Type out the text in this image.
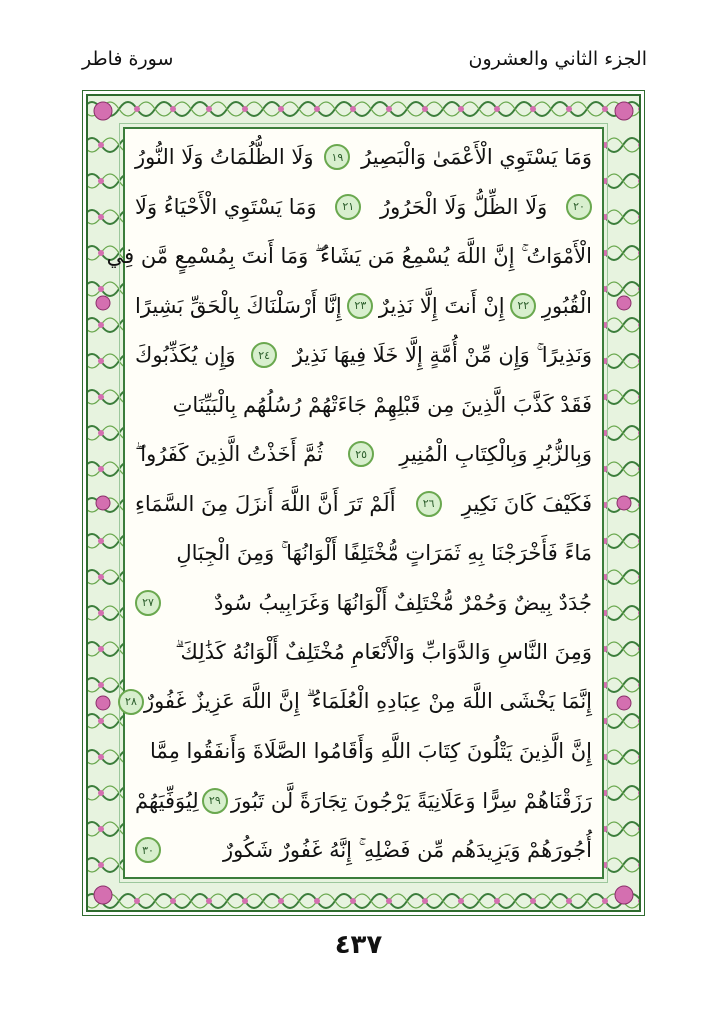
الجزء الثاني والعشرون
سورة فاطر
وَمَا يَسْتَوِي الْأَعْمَىٰ وَالْبَصِيرُ
١٩
وَلَا الظُّلُمَاتُ وَلَا النُّورُ
٢٠
وَلَا الظِّلُّ وَلَا الْحَرُورُ
٢١
وَمَا يَسْتَوِي الْأَحْيَاءُ وَلَا
الْأَمْوَاتُ ۚ إِنَّ اللَّهَ يُسْمِعُ مَن يَشَاءُ ۖ وَمَا أَنتَ بِمُسْمِعٍ مَّن فِي
الْقُبُورِ
٢٢
إِنْ أَنتَ إِلَّا نَذِيرٌ
٢٣
إِنَّا أَرْسَلْنَاكَ بِالْحَقِّ بَشِيرًا
وَنَذِيرًا ۚ وَإِن مِّنْ أُمَّةٍ إِلَّا خَلَا فِيهَا نَذِيرٌ
٢٤
وَإِن يُكَذِّبُوكَ
فَقَدْ كَذَّبَ الَّذِينَ مِن قَبْلِهِمْ جَاءَتْهُمْ رُسُلُهُم بِالْبَيِّنَاتِ
وَبِالزُّبُرِ وَبِالْكِتَابِ الْمُنِيرِ
٢٥
ثُمَّ أَخَذْتُ الَّذِينَ كَفَرُوا ۖ
فَكَيْفَ كَانَ نَكِيرِ
٢٦
أَلَمْ تَرَ أَنَّ اللَّهَ أَنزَلَ مِنَ السَّمَاءِ
مَاءً فَأَخْرَجْنَا بِهِ ثَمَرَاتٍ مُّخْتَلِفًا أَلْوَانُهَا ۚ وَمِنَ الْجِبَالِ
جُدَدٌ بِيضٌ وَحُمْرٌ مُّخْتَلِفٌ أَلْوَانُهَا وَغَرَابِيبُ سُودٌ
٢٧
وَمِنَ النَّاسِ وَالدَّوَابِّ وَالْأَنْعَامِ مُخْتَلِفٌ أَلْوَانُهُ كَذَٰلِكَ ۗ
إِنَّمَا يَخْشَى اللَّهَ مِنْ عِبَادِهِ الْعُلَمَاءُ ۗ إِنَّ اللَّهَ عَزِيزٌ غَفُورٌ
٢٨
إِنَّ الَّذِينَ يَتْلُونَ كِتَابَ اللَّهِ وَأَقَامُوا الصَّلَاةَ وَأَنفَقُوا مِمَّا
رَزَقْنَاهُمْ سِرًّا وَعَلَانِيَةً يَرْجُونَ تِجَارَةً لَّن تَبُورَ
٢٩
لِيُوَفِّيَهُمْ
أُجُورَهُمْ وَيَزِيدَهُم مِّن فَضْلِهِ ۚ إِنَّهُ غَفُورٌ شَكُورٌ
٣٠
٤٣٧
